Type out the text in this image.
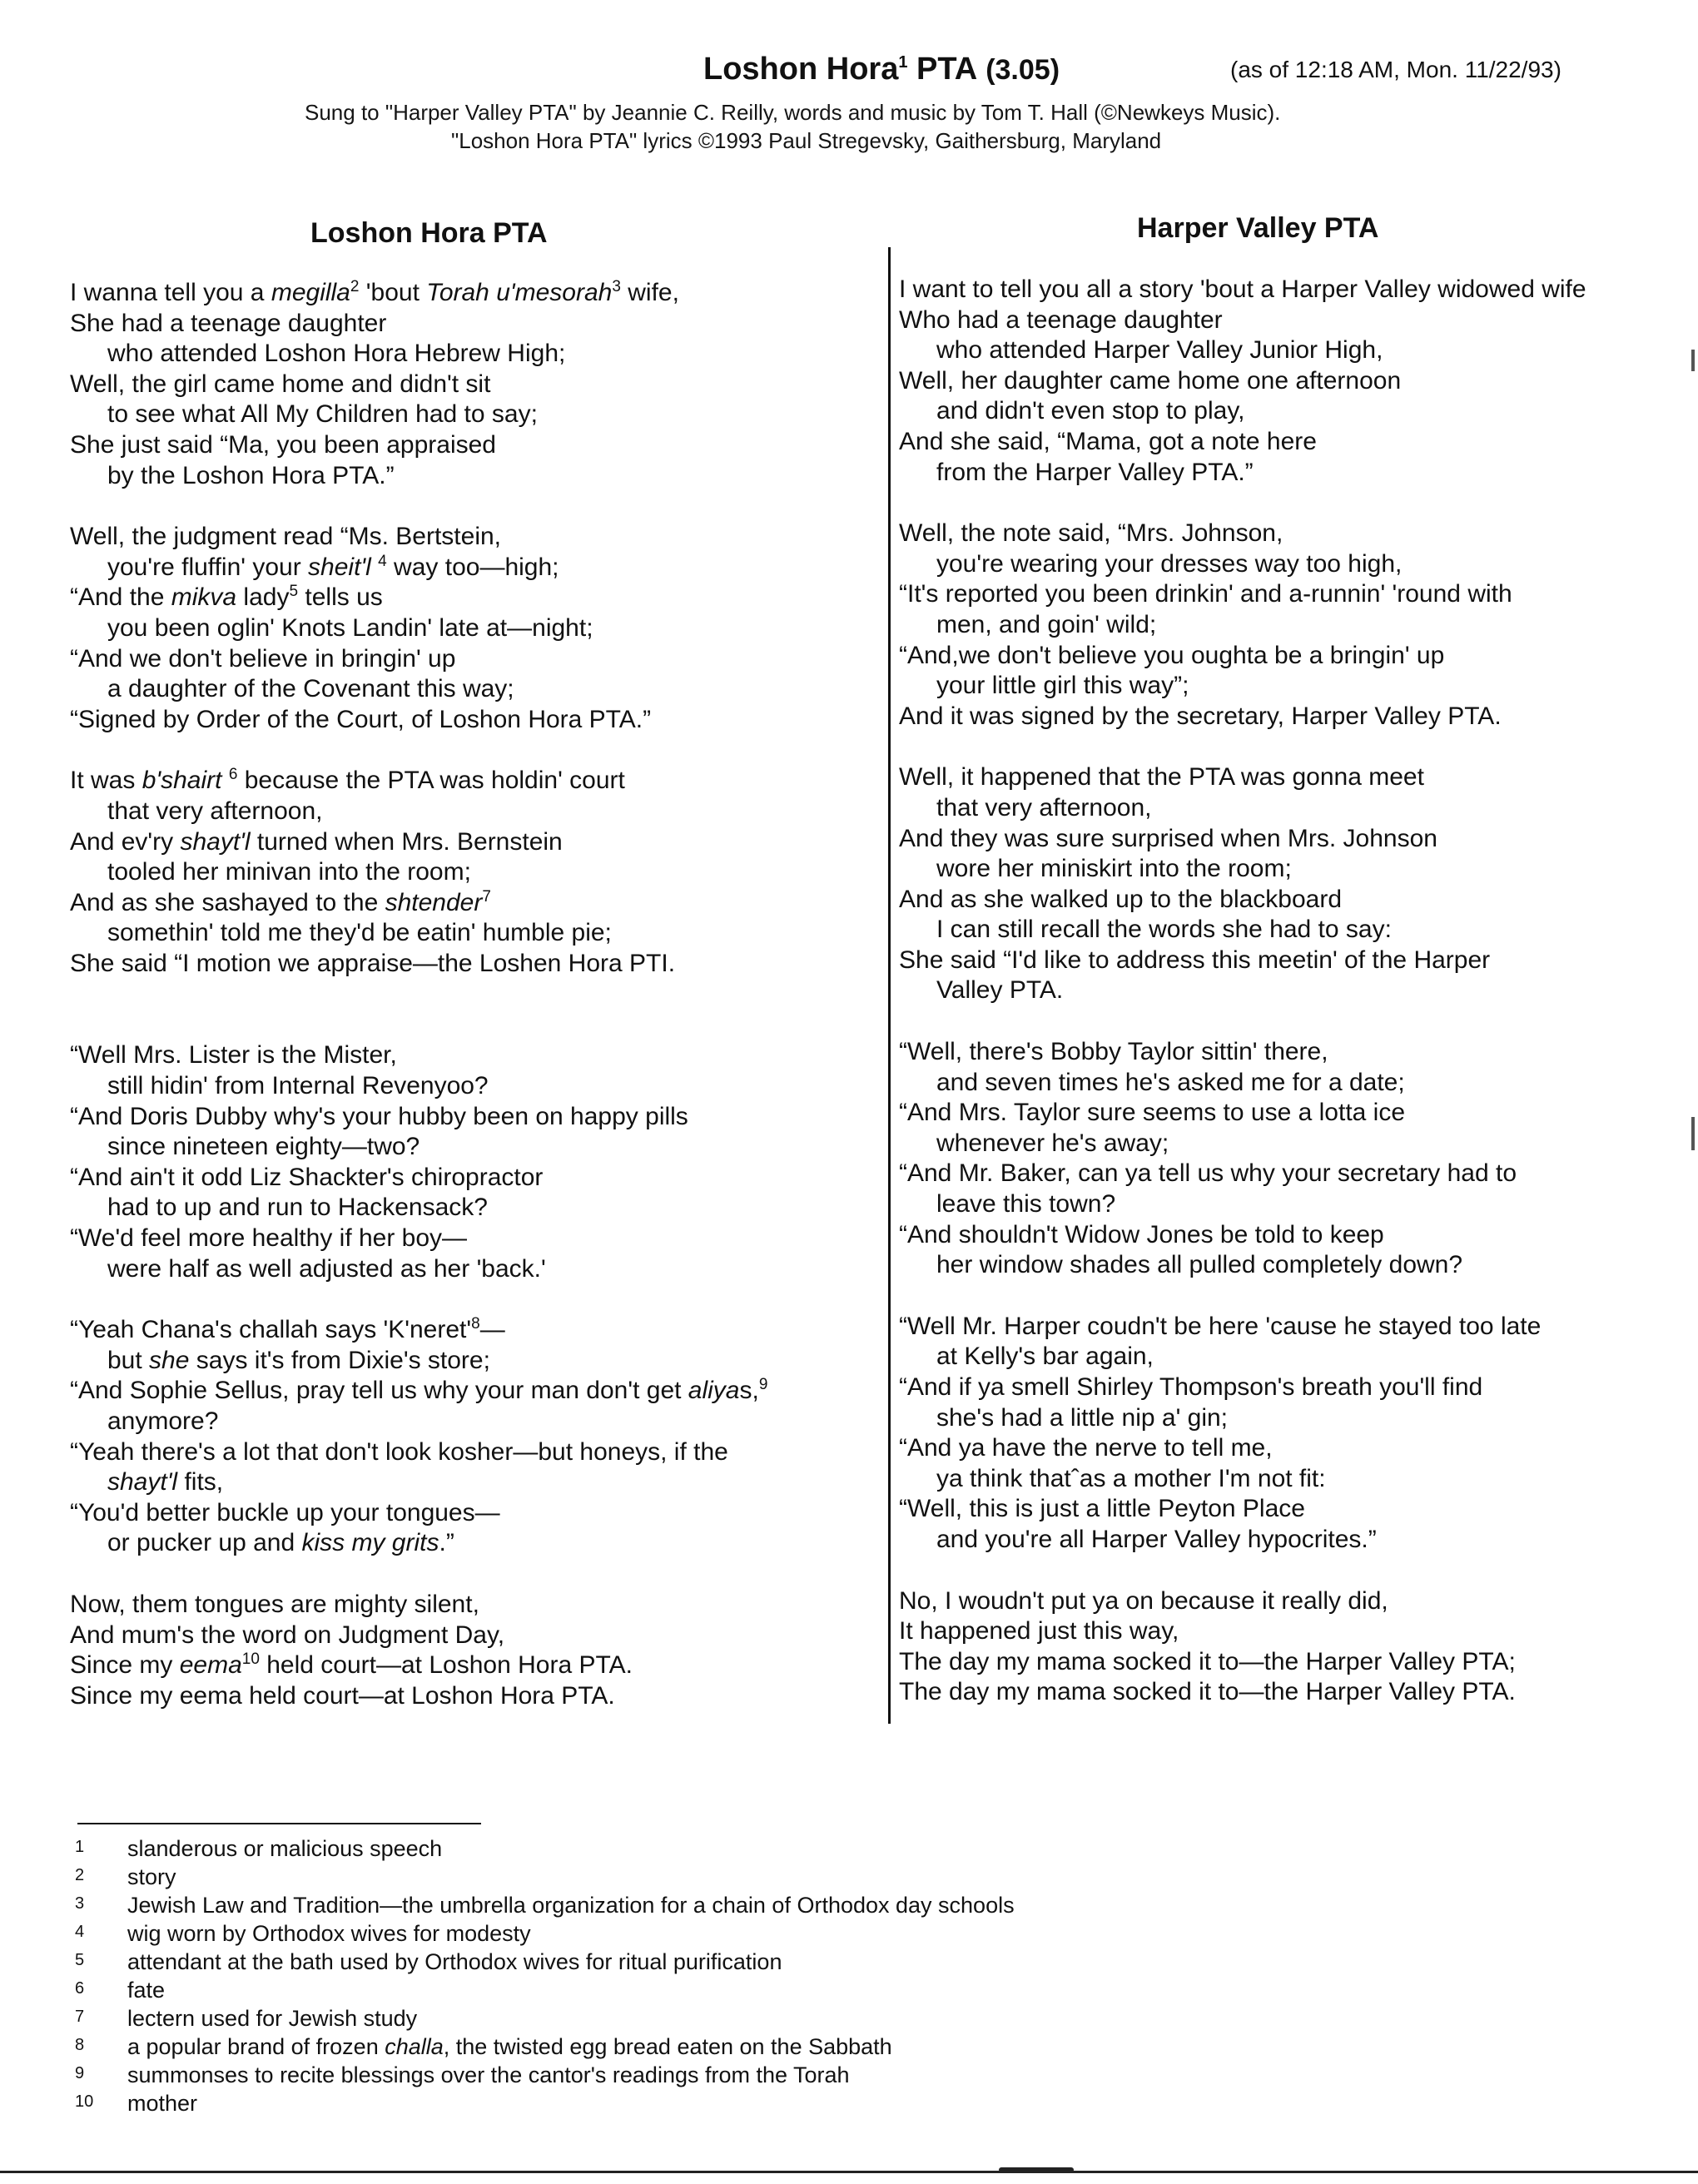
Loshon Hora$^1$ PTA (3.05)	(as of 12:18 AM, Mon. 11/22/93)
Sung to "Harper Valley PTA" by Jeannie C. Reilly, words and music by Tom T. Hall (©Newkeys Music).
"Loshon Hora PTA" lyrics ©1993 Paul Stregevsky, Gaithersburg, Maryland
Loshon Hora PTA	Harper Valley PTA
I wanna tell you a megilla$^2$ 'bout Torah u'mesorah$^3$ wife,
She had a teenage daughter
who attended Loshon Hora Hebrew High;
Well, the girl came home and didn't sit
to see what All My Children had to say;
She just said “Ma, you been appraised
by the Loshon Hora PTA.”
Well, the judgment read “Ms. Bertstein,
you're fluffin' your sheit'l $^4$ way too—high;
“And the mikva lady$^5$ tells us
you been oglin' Knots Landin' late at—night;
“And we don't believe in bringin' up
a daughter of the Covenant this way;
“Signed by Order of the Court, of Loshon Hora PTA.”
It was b'shairt $^6$ because the PTA was holdin' court
that very afternoon,
And ev'ry shayt'l turned when Mrs. Bernstein
tooled her minivan into the room;
And as she sashayed to the shtender$^7$
somethin' told me they'd be eatin' humble pie;
She said “I motion we appraise—the Loshen Hora PTI.
“Well Mrs. Lister is the Mister,
still hidin' from Internal Revenyoo?
“And Doris Dubby why's your hubby been on happy pills
since nineteen eighty—two?
“And ain't it odd Liz Shackter's chiropractor
had to up and run to Hackensack?
“We'd feel more healthy if her boy—
were half as well adjusted as her 'back.'
“Yeah Chana's challah says '$K'neret'^8—$
but she says it's from Dixie's store;
“And Sophie Sellus, pray tell us why your man don't get aliyas,$^9$
anymore?
“Yeah there's a lot that don't look kosher—but honeys, if the
shayt'l fits,
“You'd better buckle up your tongues—
or pucker up and kiss my grits.”
Now, them tongues are mighty silent,
And mum's the word on Judgment Day,
Since my eema$^{10}$ held court—at Loshon Hora PTA.
Since my eema held court—at Loshon Hora PTA.
I want to tell you all a story 'bout a Harper Valley widowed wife
Who had a teenage daughter
who attended Harper Valley Junior High,
Well, her daughter came home one afternoon
and didn't even stop to play,
And she said, “Mama, got a note here
from the Harper Valley PTA.”
Well, the note said, “Mrs. Johnson,
you're wearing your dresses way too high,
“It's reported you been drinkin' and a-runnin' 'round with
men, and goin' wild;
“And,we don't believe you oughta be a bringin' up
your little girl this way”;
And it was signed by the secretary, Harper Valley PTA.
Well, it happened that the PTA was gonna meet
that very afternoon,
And they was sure surprised when Mrs. Johnson
wore her miniskirt into the room;
And as she walked up to the blackboard
I can still recall the words she had to say:
She said “I'd like to address this meetin' of the Harper
Valley PTA.
“Well, there's Bobby Taylor sittin' there,
and seven times he's asked me for a date;
“And Mrs. Taylor sure seems to use a lotta ice
whenever he's away;
“And Mr. Baker, can ya tell us why your secretary had to
leave this town?
“And shouldn't Widow Jones be told to keep
her window shades all pulled completely down?
“Well Mr. Harper coudn't be here 'cause he stayed too late
at Kelly's bar again,
“And if ya smell Shirley Thompson's breath you'll find
she's had a little nip a' gin;
“And ya have the nerve to tell me,
ya think thatˆas a mother I'm not fit:
“Well, this is just a little Peyton Place
and you're all Harper Valley hypocrites.”
No, I woudn't put ya on because it really did,
It happened just this way,
The day my mama socked it to—the Harper Valley PTA;
The day my mama socked it to—the Harper Valley PTA.
1 slanderous or malicious speech
2 story
3 Jewish Law and Tradition—the umbrella organization for a chain of Orthodox day schools
4 wig worn by Orthodox wives for modesty
5 attendant at the bath used by Orthodox wives for ritual purification
6 fate
7 lectern used for Jewish study
8 a popular brand of frozen challa, the twisted egg bread eaten on the Sabbath
9 summonses to recite blessings over the cantor's readings from the Torah
10 mother
